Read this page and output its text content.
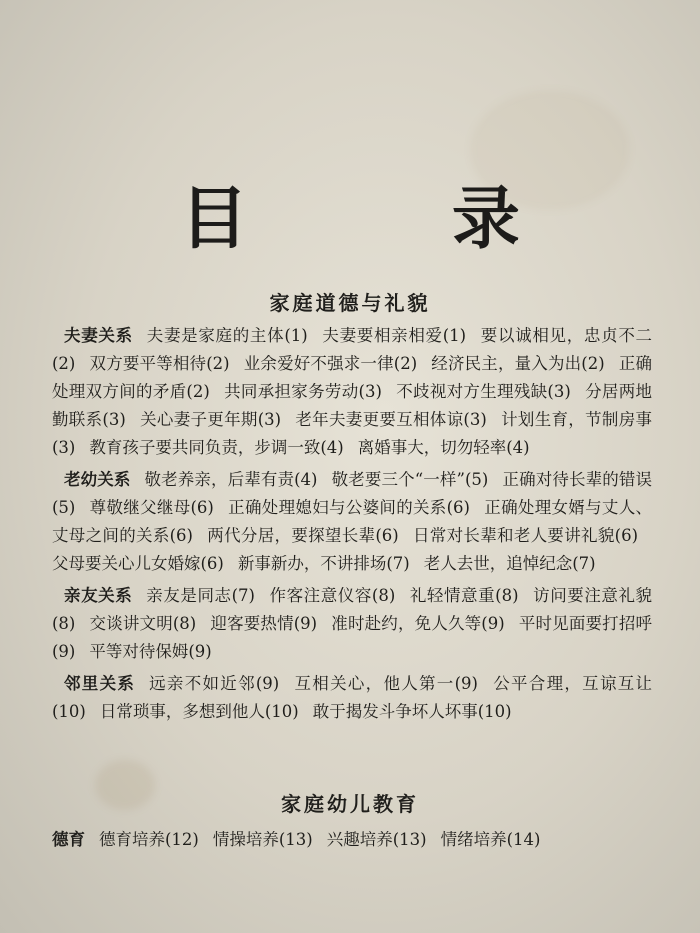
目 录
家庭道德与礼貌
夫妻关系 夫妻是家庭的主体(1) 夫妻要相亲相爱(1) 要以诚相见，忠贞不二(2) 双方要平等相待(2) 业余爱好不强求一律(2) 经济民主，量入为出(2) 正确处理双方间的矛盾(2) 共同承担家务劳动(3) 不歧视对方生理残缺(3) 分居两地勤联系(3) 关心妻子更年期(3) 老年夫妻更要互相体谅(3) 计划生育，节制房事(3) 教育孩子要共同负责，步调一致(4) 离婚事大，切勿轻率(4)
老幼关系 敬老养亲，后辈有责(4) 敬老要三个“一样”(5) 正确对待长辈的错误(5) 尊敬继父继母(6) 正确处理媳妇与公婆间的关系(6) 正确处理女婿与丈人、丈母之间的关系(6) 两代分居，要探望长辈(6) 日常对长辈和老人要讲礼貌(6)父母要关心儿女婚嫁(6) 新事新办，不讲排场(7) 老人去世，追悼纪念(7)
亲友关系 亲友是同志(7) 作客注意仪容(8) 礼轻情意重(8) 访问要注意礼貌(8) 交谈讲文明(8) 迎客要热情(9) 准时赴约，免人久等(9) 平时见面要打招呼(9) 平等对待保姆(9)
邻里关系 远亲不如近邻(9) 互相关心，他人第一(9) 公平合理，互谅互让(10) 日常琐事，多想到他人(10) 敢于揭发斗争坏人坏事(10)
家庭幼儿教育
德育 德育培养(12) 情操培养(13) 兴趣培养(13) 情绪培养(14)
